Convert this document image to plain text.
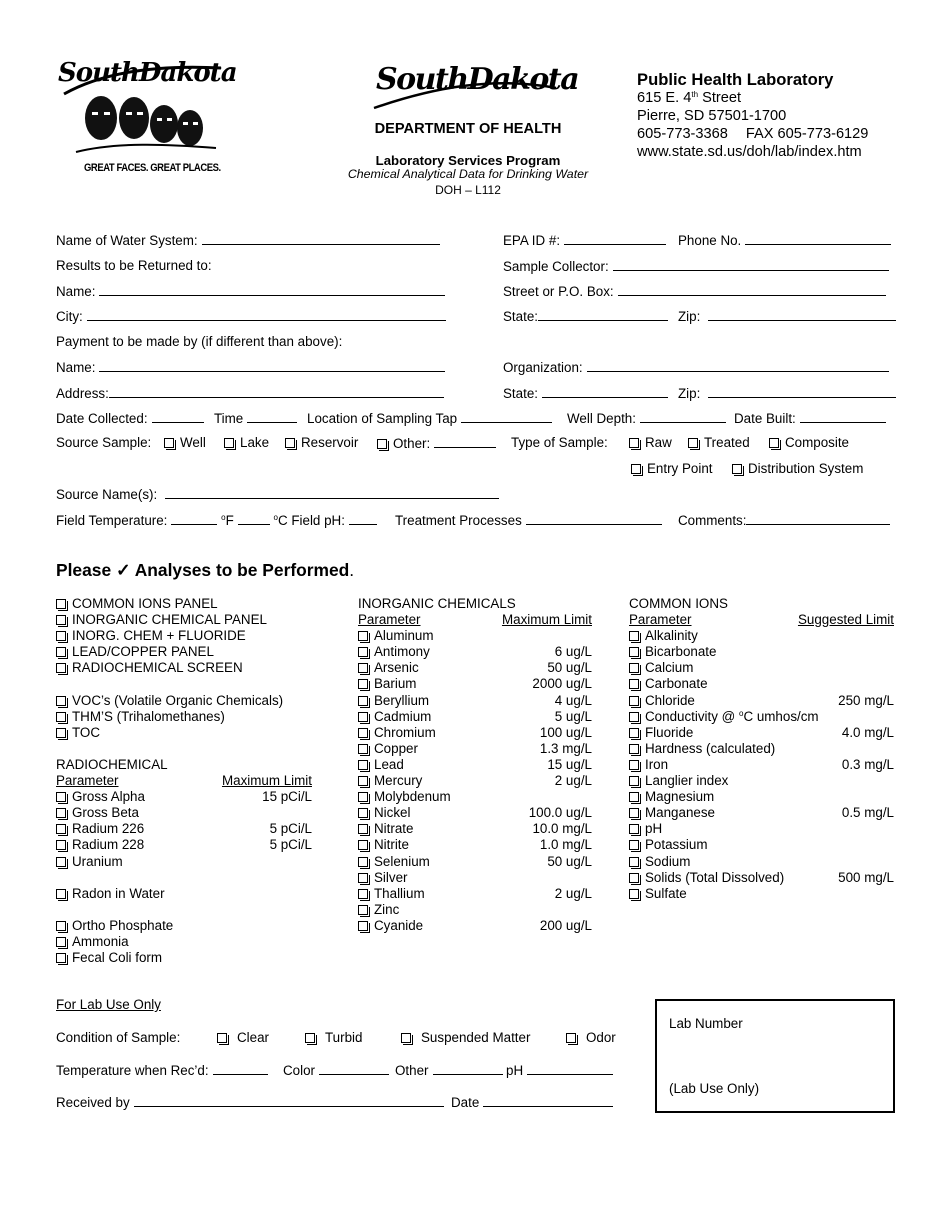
SouthDakota
GREAT FACES. GREAT PLACES.
SouthDakota
DEPARTMENT OF HEALTH
Laboratory Services Program
Chemical Analytical Data for Drinking Water
DOH – L112
Public Health Laboratory
615 E. 4th Street
Pierre, SD 57501-1700
605-773-3368 FAX 605-773-6129
www.state.sd.us/doh/lab/index.htm
Name of Water System:	EPA ID #:	Phone No.
Results to be Returned to:	Sample Collector:
Name:	Street or P.O. Box:
City:	State:	Zip:
Payment to be made by (if different than above):
Name:	Organization:
Address:	State:	Zip:
Date Collected:	Time	Location of Sampling Tap	Well Depth:	Date Built:
Source Sample:	Well	Lake	Reservoir	Other:	Type of Sample:	Raw	Treated	Composite
Entry Point	Distribution System
Source Name(s):
Field Temperature:	$^o$F	$^o$C Field pH:	Treatment Processes	Comments:
Please ✓ Analyses to be Performed.
COMMON IONS PANEL
INORGANIC CHEMICAL PANEL
INORG. CHEM + FLUORIDE
LEAD/COPPER PANEL
RADIOCHEMICAL SCREEN
VOC’s (Volatile Organic Chemicals)
THM’S (Trihalomethanes)
TOC
RADIOCHEMICAL
Parameter	Maximum Limit
Gross Alpha	15 pCi/L
Gross Beta
Radium 226	5 pCi/L
Radium 228	5 pCi/L
Uranium
Radon in Water
Ortho Phosphate
Ammonia
Fecal Coli form
INORGANIC CHEMICALS
Parameter	Maximum Limit
Aluminum
Antimony	6 ug/L
Arsenic	50 ug/L
Barium	2000 ug/L
Beryllium	4 ug/L
Cadmium	5 ug/L
Chromium	100 ug/L
Copper	1.3 mg/L
Lead	15 ug/L
Mercury	2 ug/L
Molybdenum
Nickel	100.0 ug/L
Nitrate	10.0 mg/L
Nitrite	1.0 mg/L
Selenium	50 ug/L
Silver
Thallium	2 ug/L
Zinc
Cyanide	200 ug/L
COMMON IONS
Parameter	Suggested Limit
Alkalinity
Bicarbonate
Calcium
Carbonate
Chloride	250 mg/L
Conductivity @ $^o$C umhos/cm
Fluoride	4.0 mg/L
Hardness (calculated)
Iron	0.3 mg/L
Langlier index
Magnesium
Manganese	0.5 mg/L
pH
Potassium
Sodium
Solids (Total Dissolved)	500 mg/L
Sulfate
For Lab Use Only
Condition of Sample:	Clear	Turbid	Suspended Matter	Odor
Temperature when Rec’d:	Color	Other	pH
Received by	Date
Lab Number
(Lab Use Only)
